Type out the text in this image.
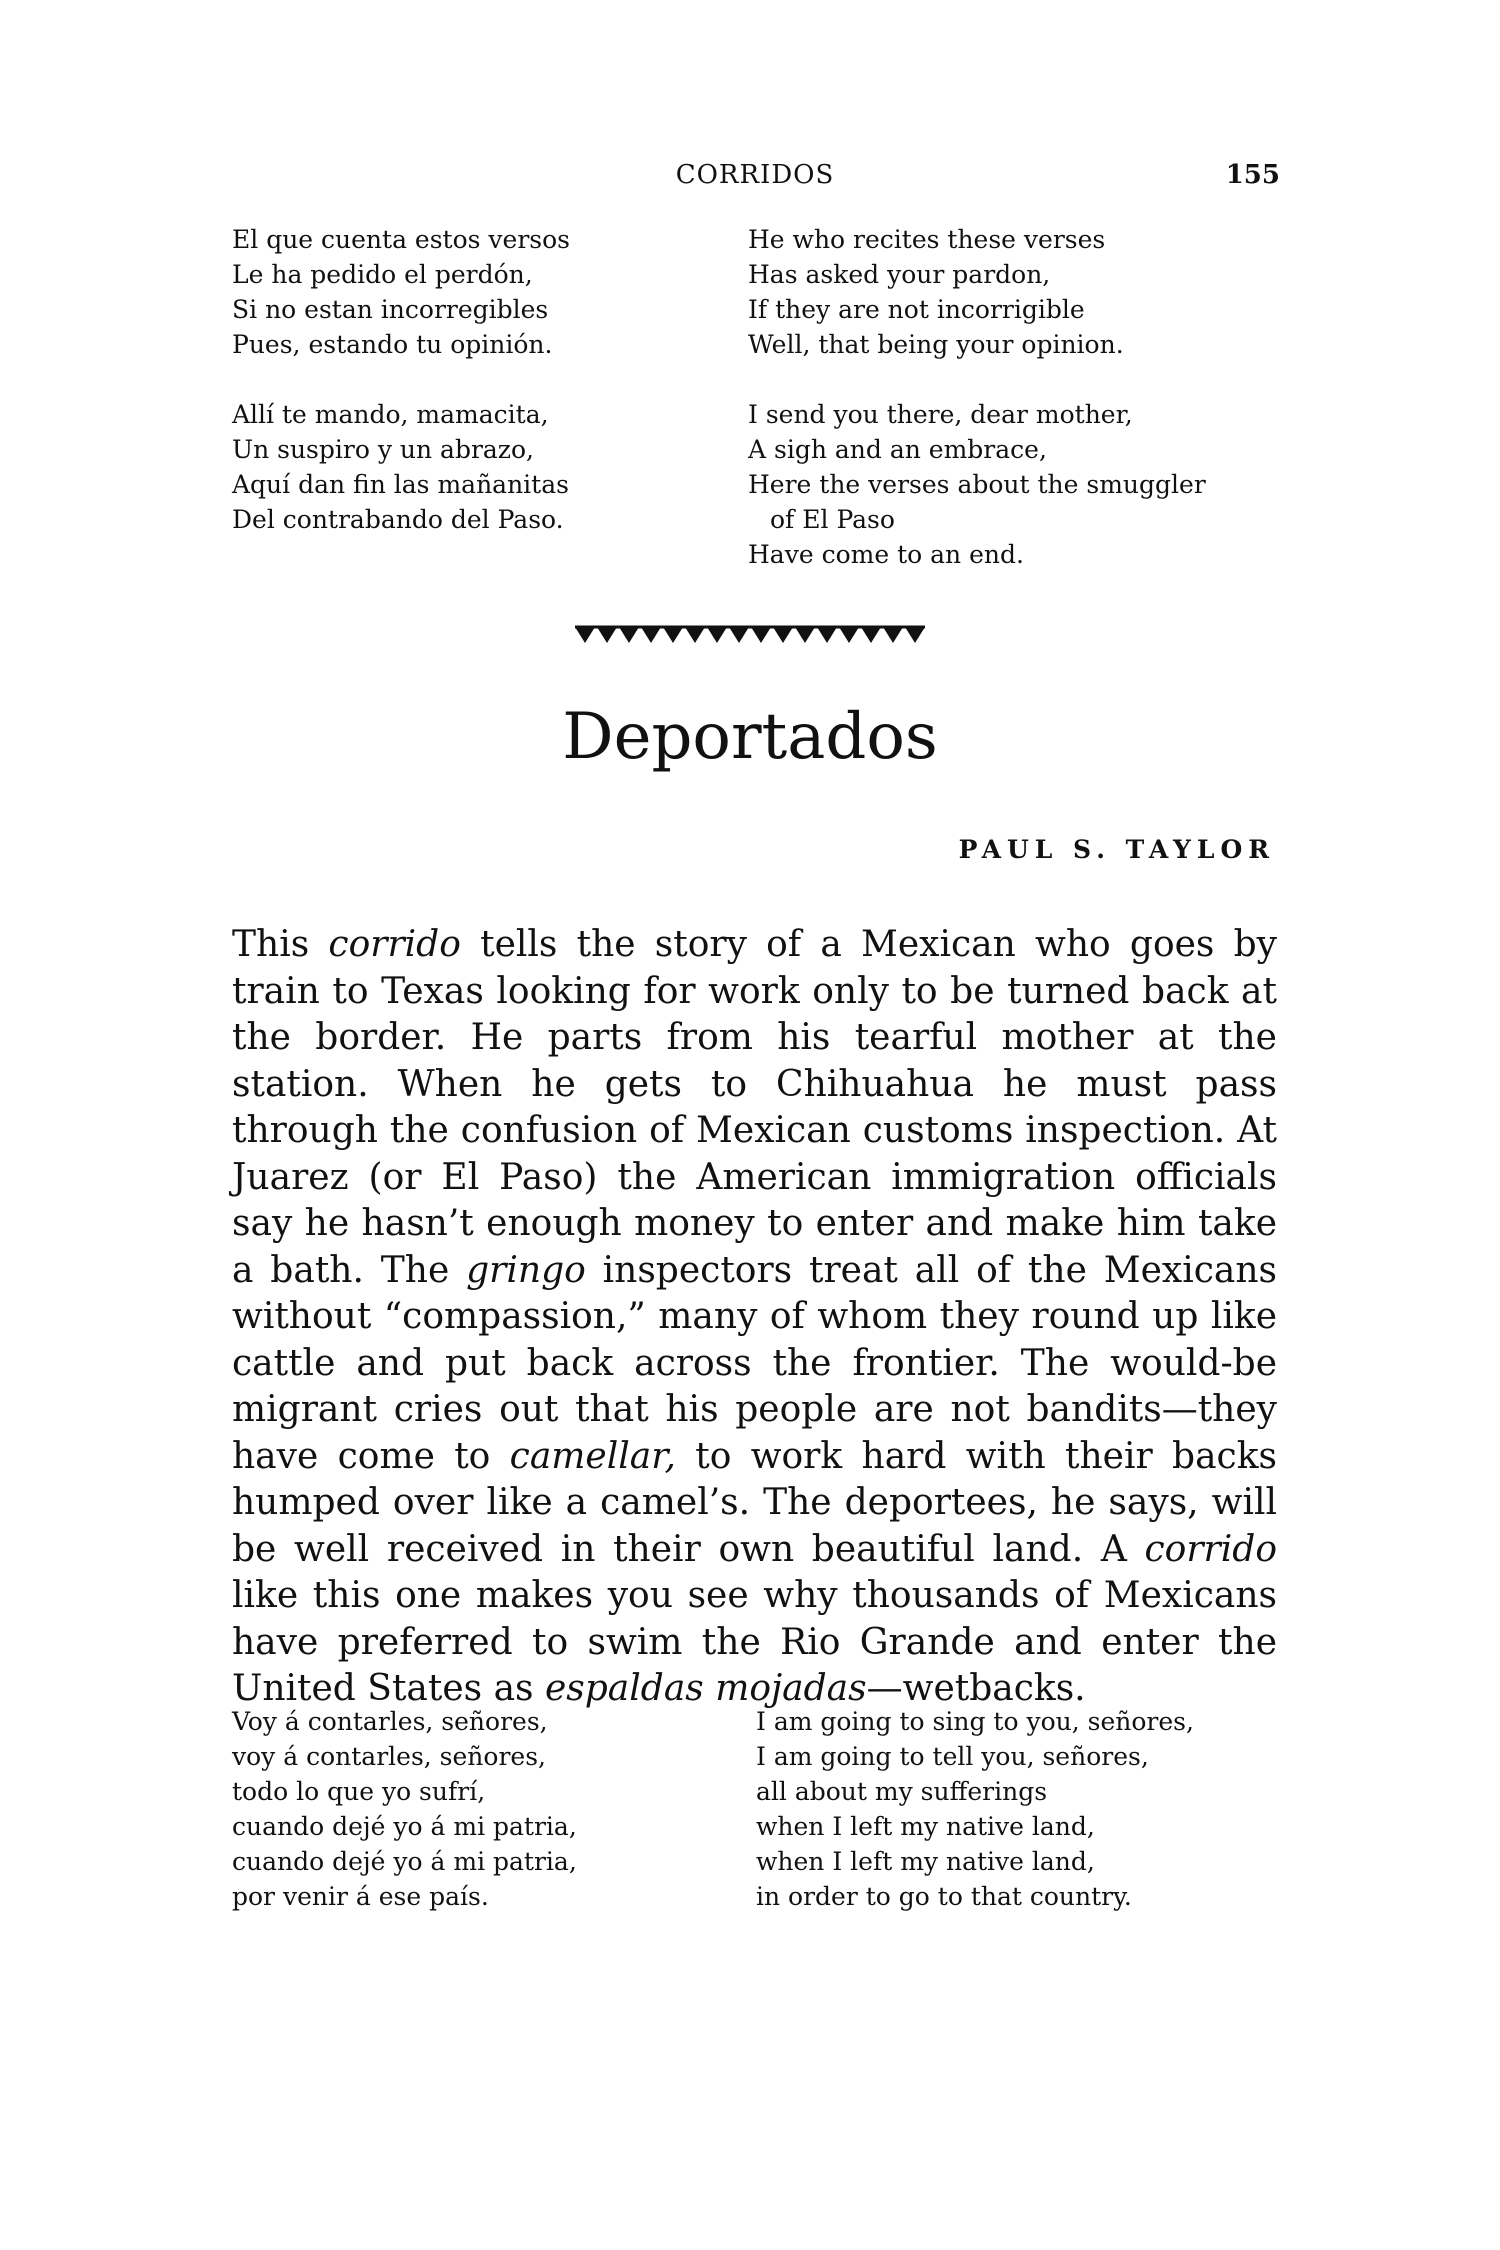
CORRIDOS	155
El que cuenta estos versos
Le ha pedido el perdón,
Si no estan incorregibles
Pues, estando tu opinión.
Allí te mando, mamacita,
Un suspiro y un abrazo,
Aquí dan fin las mañanitas
Del contrabando del Paso.
He who recites these verses
Has asked your pardon,
If they are not incorrigible
Well, that being your opinion.
I send you there, dear mother,
A sigh and an embrace,
Here the verses about the smuggler
of El Paso
Have come to an end.
Deportados
PAUL S. TAYLOR

This corrido tells the story of a Mexican who goes by train to Texas looking for work only to be turned back at the border. He parts from his tearful mother at the station. When he gets to Chihuahua he must pass through the confusion of Mexican customs inspection. At Juarez (or El Paso) the American immigration officials say he hasn’t enough money to enter and make him take a bath. The gringo inspectors treat all of the Mexicans without “compassion,” many of whom they round up like cattle and put back across the frontier. The would-be migrant cries out that his people are not bandits—they have come to camellar, to work hard with their backs humped over like a camel’s. The deportees, he says, will be well received in their own beautiful land. A corrido like this one makes you see why thousands of Mexicans have preferred to swim the Rio Grande and enter the United States as espaldas mojadas—wetbacks.

Voy á contarles, señores,
voy á contarles, señores,
todo lo que yo sufrí,
cuando dejé yo á mi patria,
cuando dejé yo á mi patria,
por venir á ese país.
I am going to sing to you, señores,
I am going to tell you, señores,
all about my sufferings
when I left my native land,
when I left my native land,
in order to go to that country.
